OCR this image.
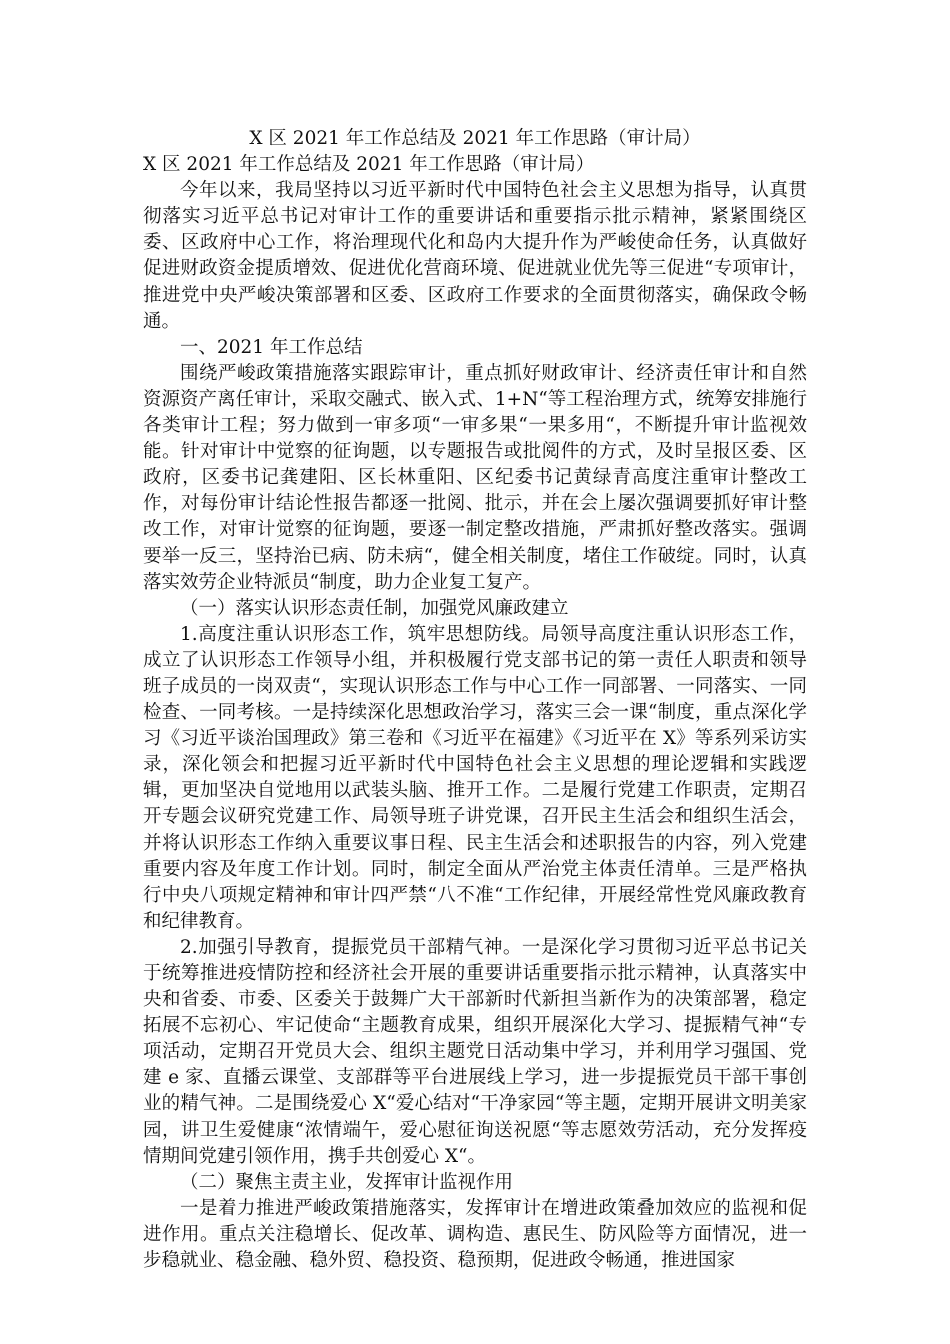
X 区 2021 年工作总结及 2021 年工作思路（审计局）

X 区 2021 年工作总结及 2021 年工作思路（审计局）

今年以来，我局坚持以习近平新时代中国特色社会主义思想为指导，认真贯彻落实习近平总书记对审计工作的重要讲话和重要指示批示精神，紧紧围绕区委、区政府中心工作，将治理现代化和岛内大提升作为严峻使命任务，认真做好促进财政资金提质增效、促进优化营商环境、促进就业优先等三促进“专项审计，推进党中央严峻决策部署和区委、区政府工作要求的全面贯彻落实，确保政令畅通。

一、2021 年工作总结

围绕严峻政策措施落实跟踪审计，重点抓好财政审计、经济责任审计和自然资源资产离任审计，采取交融式、嵌入式、1+N“等工程治理方式，统筹安排施行各类审计工程；努力做到一审多项“一审多果“一果多用“，不断提升审计监视效能。针对审计中觉察的征询题，以专题报告或批阅件的方式，及时呈报区委、区政府，区委书记龚建阳、区长林重阳、区纪委书记黄绿青高度注重审计整改工作，对每份审计结论性报告都逐一批阅、批示，并在会上屡次强调要抓好审计整改工作，对审计觉察的征询题，要逐一制定整改措施，严肃抓好整改落实。强调要举一反三，坚持治已病、防未病“，健全相关制度，堵住工作破绽。同时，认真落实效劳企业特派员“制度，助力企业复工复产。

（一）落实认识形态责任制，加强党风廉政建立

1.高度注重认识形态工作，筑牢思想防线。局领导高度注重认识形态工作，成立了认识形态工作领导小组，并积极履行党支部书记的第一责任人职责和领导班子成员的一岗双责“，实现认识形态工作与中心工作一同部署、一同落实、一同检查、一同考核。一是持续深化思想政治学习，落实三会一课“制度，重点深化学习《习近平谈治国理政》第三卷和《习近平在福建》《习近平在 X》等系列采访实录，深化领会和把握习近平新时代中国特色社会主义思想的理论逻辑和实践逻辑，更加坚决自觉地用以武装头脑、推开工作。二是履行党建工作职责，定期召开专题会议研究党建工作、局领导班子讲党课，召开民主生活会和组织生活会，并将认识形态工作纳入重要议事日程、民主生活会和述职报告的内容，列入党建重要内容及年度工作计划。同时，制定全面从严治党主体责任清单。三是严格执行中央八项规定精神和审计四严禁“八不准“工作纪律，开展经常性党风廉政教育和纪律教育。

2.加强引导教育，提振党员干部精气神。一是深化学习贯彻习近平总书记关于统筹推进疫情防控和经济社会开展的重要讲话重要指示批示精神，认真落实中央和省委、市委、区委关于鼓舞广大干部新时代新担当新作为的决策部署，稳定拓展不忘初心、牢记使命“主题教育成果，组织开展深化大学习、提振精气神“专项活动，定期召开党员大会、组织主题党日活动集中学习，并利用学习强国、党建 e 家、直播云课堂、支部群等平台进展线上学习，进一步提振党员干部干事创业的精气神。二是围绕爱心 X“爱心结对“干净家园“等主题，定期开展讲文明美家园，讲卫生爱健康“浓情端午，爱心慰征询送祝愿“等志愿效劳活动，充分发挥疫情期间党建引领作用，携手共创爱心 X“。

（二）聚焦主责主业，发挥审计监视作用

一是着力推进严峻政策措施落实，发挥审计在增进政策叠加效应的监视和促进作用。重点关注稳增长、促改革、调构造、惠民生、防风险等方面情况，进一步稳就业、稳金融、稳外贸、稳投资、稳预期，促进政令畅通，推进国家
